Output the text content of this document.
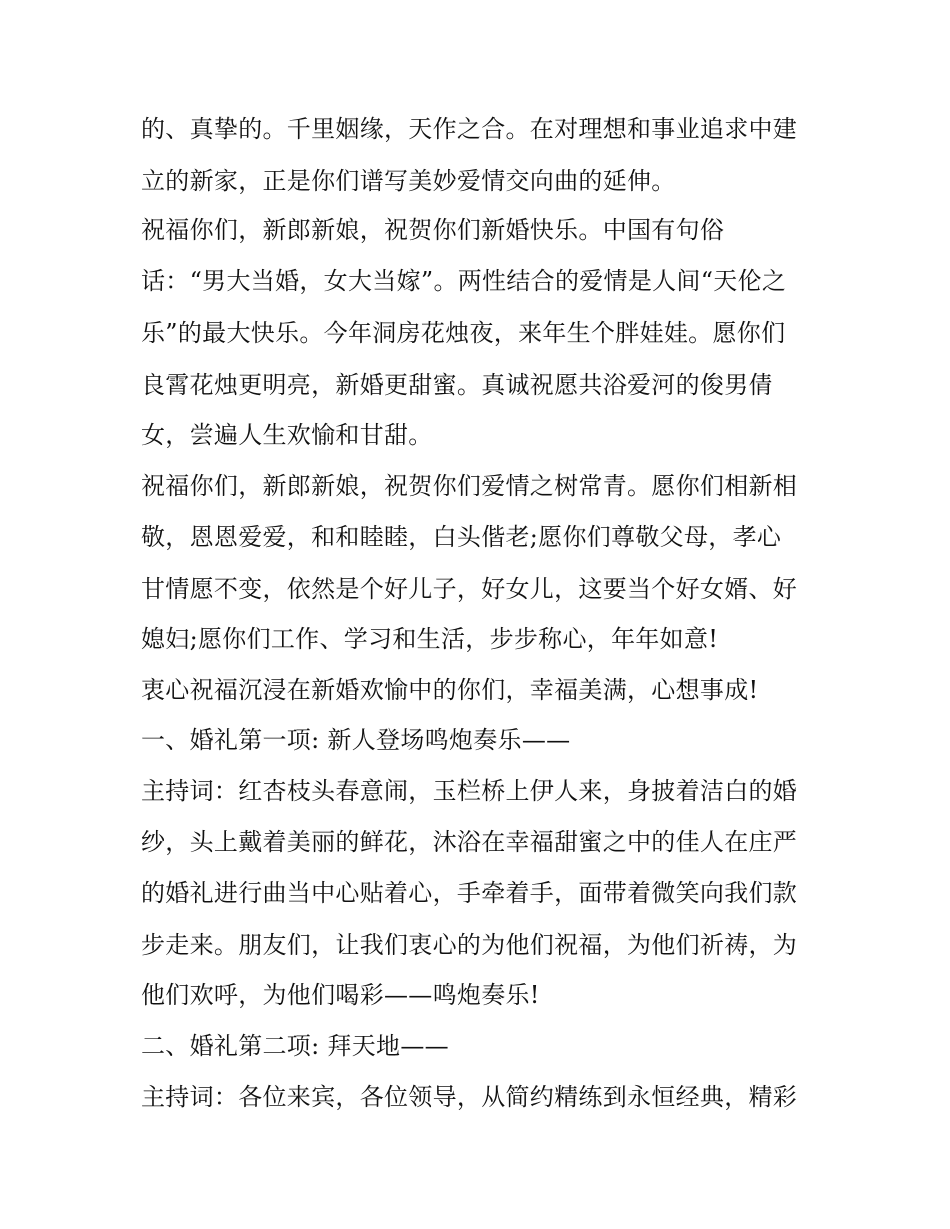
的、真挚的。千里姻缘，天作之合。在对理想和事业追求中建
立的新家，正是你们谱写美妙爱情交向曲的延伸。
祝福你们，新郎新娘，祝贺你们新婚快乐。中国有句俗
话：“男大当婚，女大当嫁”。两性结合的爱情是人间“天伦之
乐”的最大快乐。今年洞房花烛夜，来年生个胖娃娃。愿你们
良霄花烛更明亮，新婚更甜蜜。真诚祝愿共浴爱河的俊男倩
女，尝遍人生欢愉和甘甜。
祝福你们，新郎新娘，祝贺你们爱情之树常青。愿你们相新相
敬，恩恩爱爱，和和睦睦，白头偕老;愿你们尊敬父母，孝心
甘情愿不变，依然是个好儿子，好女儿，这要当个好女婿、好
媳妇;愿你们工作、学习和生活，步步称心，年年如意!
衷心祝福沉浸在新婚欢愉中的你们，幸福美满，心想事成!
一、婚礼第一项: 新人登场鸣炮奏乐——
主持词：红杏枝头春意闹，玉栏桥上伊人来，身披着洁白的婚
纱，头上戴着美丽的鲜花，沐浴在幸福甜蜜之中的佳人在庄严
的婚礼进行曲当中心贴着心，手牵着手，面带着微笑向我们款
步走来。朋友们，让我们衷心的为他们祝福，为他们祈祷，为
他们欢呼，为他们喝彩——鸣炮奏乐!
二、婚礼第二项: 拜天地——
主持词：各位来宾，各位领导，从简约精练到永恒经典，精彩
